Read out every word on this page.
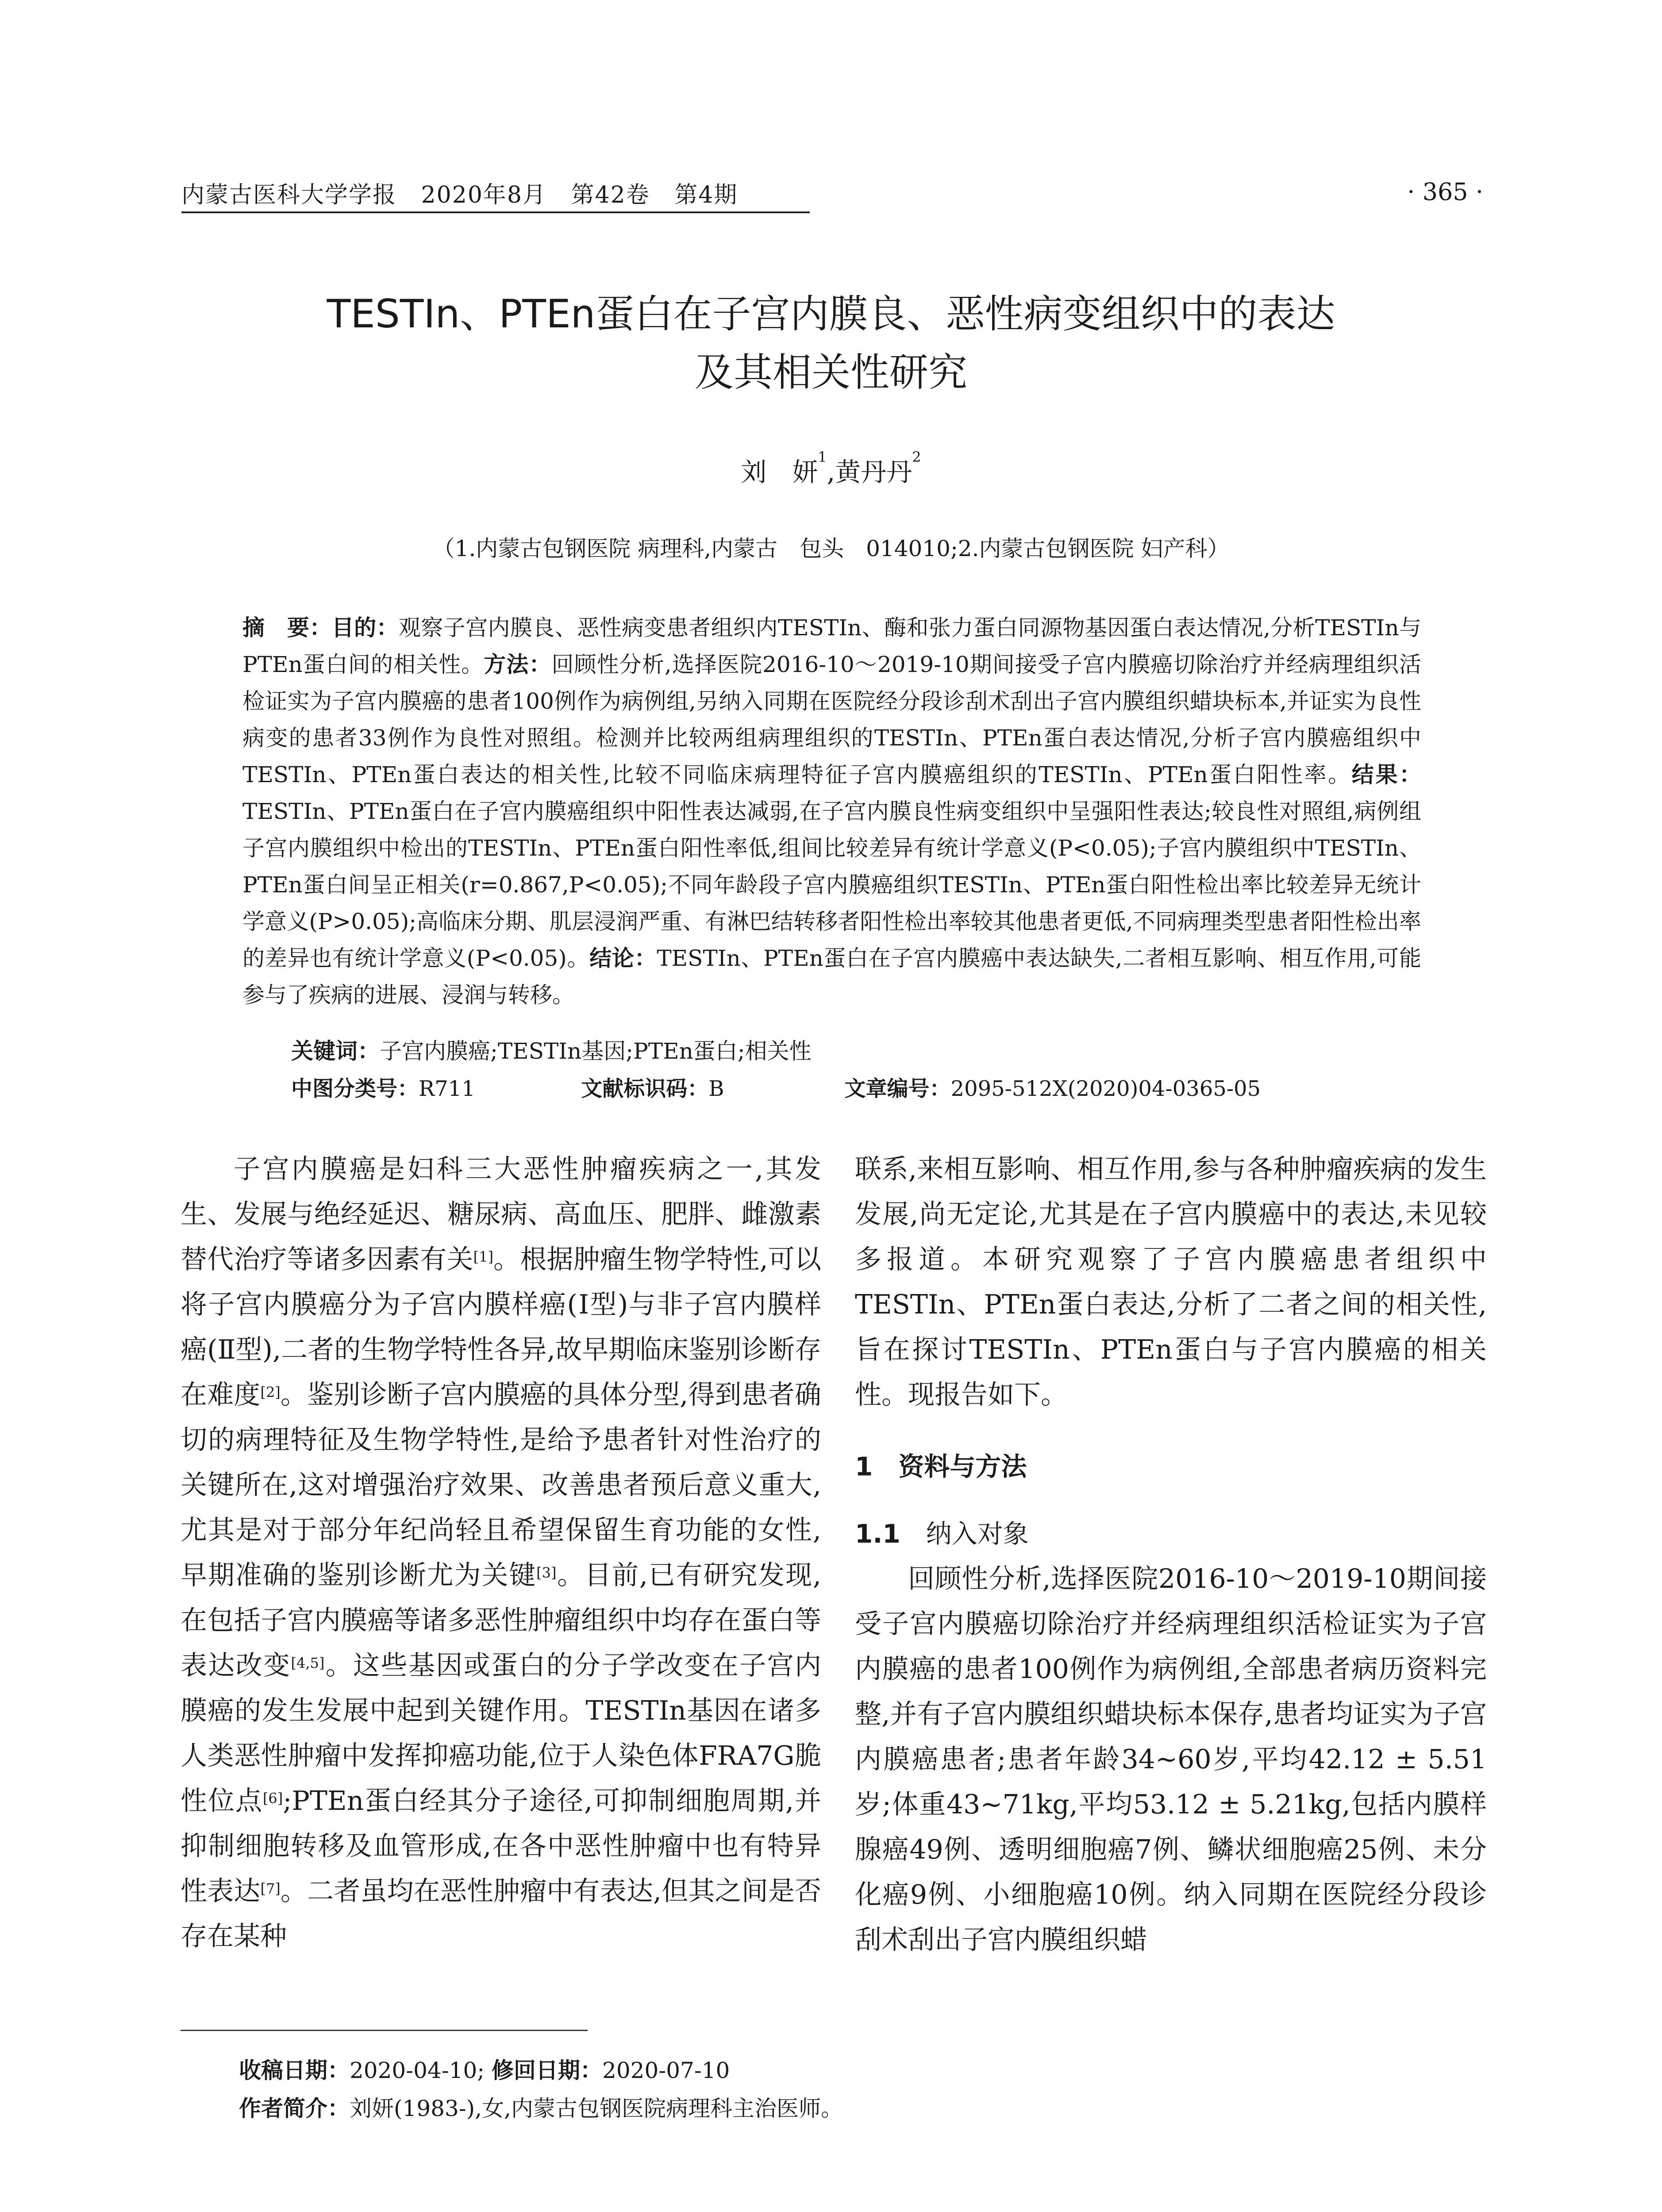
内蒙古医科大学学报   2020年8月   第42卷   第4期	· 365 ·
TESTIn、PTEn蛋白在子宫内膜良、恶性病变组织中的表达
及其相关性研究
刘　妍$^1$,黄丹丹$^2$
（1.内蒙古包钢医院 病理科,内蒙古　包头　014010;2.内蒙古包钢医院 妇产科）
摘　要：目的：观察子宫内膜良、恶性病变患者组织内TESTIn、酶和张力蛋白同源物基因蛋白表达情况,分析TESTIn与PTEn蛋白间的相关性。方法：回顾性分析,选择医院2016-10～2019-10期间接受子宫内膜癌切除治疗并经病理组织活检证实为子宫内膜癌的患者100例作为病例组,另纳入同期在医院经分段诊刮术刮出子宫内膜组织蜡块标本,并证实为良性病变的患者33例作为良性对照组。检测并比较两组病理组织的TESTIn、PTEn蛋白表达情况,分析子宫内膜癌组织中TESTIn、PTEn蛋白表达的相关性,比较不同临床病理特征子宫内膜癌组织的TESTIn、PTEn蛋白阳性率。结果：TESTIn、PTEn蛋白在子宫内膜癌组织中阳性表达减弱,在子宫内膜良性病变组织中呈强阳性表达;较良性对照组,病例组子宫内膜组织中检出的TESTIn、PTEn蛋白阳性率低,组间比较差异有统计学意义(P<0.05);子宫内膜组织中TESTIn、PTEn蛋白间呈正相关(r=0.867,P<0.05);不同年龄段子宫内膜癌组织TESTIn、PTEn蛋白阳性检出率比较差异无统计学意义(P>0.05);高临床分期、肌层浸润严重、有淋巴结转移者阳性检出率较其他患者更低,不同病理类型患者阳性检出率的差异也有统计学意义(P<0.05)。结论：TESTIn、PTEn蛋白在子宫内膜癌中表达缺失,二者相互影响、相互作用,可能参与了疾病的进展、浸润与转移。
关键词：子宫内膜癌;TESTIn基因;PTEn蛋白;相关性
中图分类号：R711	文献标识码：B	文章编号：2095-512X(2020)04-0365-05

子宫内膜癌是妇科三大恶性肿瘤疾病之一,其发生、发展与绝经延迟、糖尿病、高血压、肥胖、雌激素替代治疗等诸多因素有关[1]。根据肿瘤生物学特性,可以将子宫内膜癌分为子宫内膜样癌(Ⅰ型)与非子宫内膜样癌(Ⅱ型),二者的生物学特性各异,故早期临床鉴别诊断存在难度[2]。鉴别诊断子宫内膜癌的具体分型,得到患者确切的病理特征及生物学特性,是给予患者针对性治疗的关键所在,这对增强治疗效果、改善患者预后意义重大,尤其是对于部分年纪尚轻且希望保留生育功能的女性,早期准确的鉴别诊断尤为关键[3]。目前,已有研究发现,在包括子宫内膜癌等诸多恶性肿瘤组织中均存在蛋白等表达改变[4,5]。这些基因或蛋白的分子学改变在子宫内膜癌的发生发展中起到关键作用。TESTIn基因在诸多人类恶性肿瘤中发挥抑癌功能,位于人染色体FRA7G脆性位点[6];PTEn蛋白经其分子途径,可抑制细胞周期,并抑制细胞转移及血管形成,在各中恶性肿瘤中也有特异性表达[7]。二者虽均在恶性肿瘤中有表达,但其之间是否存在某种

联系,来相互影响、相互作用,参与各种肿瘤疾病的发生发展,尚无定论,尤其是在子宫内膜癌中的表达,未见较多报道。本研究观察了子宫内膜癌患者组织中TESTIn、PTEn蛋白表达,分析了二者之间的相关性,旨在探讨TESTIn、PTEn蛋白与子宫内膜癌的相关性。现报告如下。

1　资料与方法
1.1　纳入对象

回顾性分析,选择医院2016-10～2019-10期间接受子宫内膜癌切除治疗并经病理组织活检证实为子宫内膜癌的患者100例作为病例组,全部患者病历资料完整,并有子宫内膜组织蜡块标本保存,患者均证实为子宫内膜癌患者;患者年龄34~60岁,平均42.12 ± 5.51岁;体重43~71kg,平均53.12 ± 5.21kg,包括内膜样腺癌49例、透明细胞癌7例、鳞状细胞癌25例、未分化癌9例、小细胞癌10例。纳入同期在医院经分段诊刮术刮出子宫内膜组织蜡

收稿日期：2020-04-10; 修回日期：2020-07-10
作者简介：刘妍(1983-),女,内蒙古包钢医院病理科主治医师。
